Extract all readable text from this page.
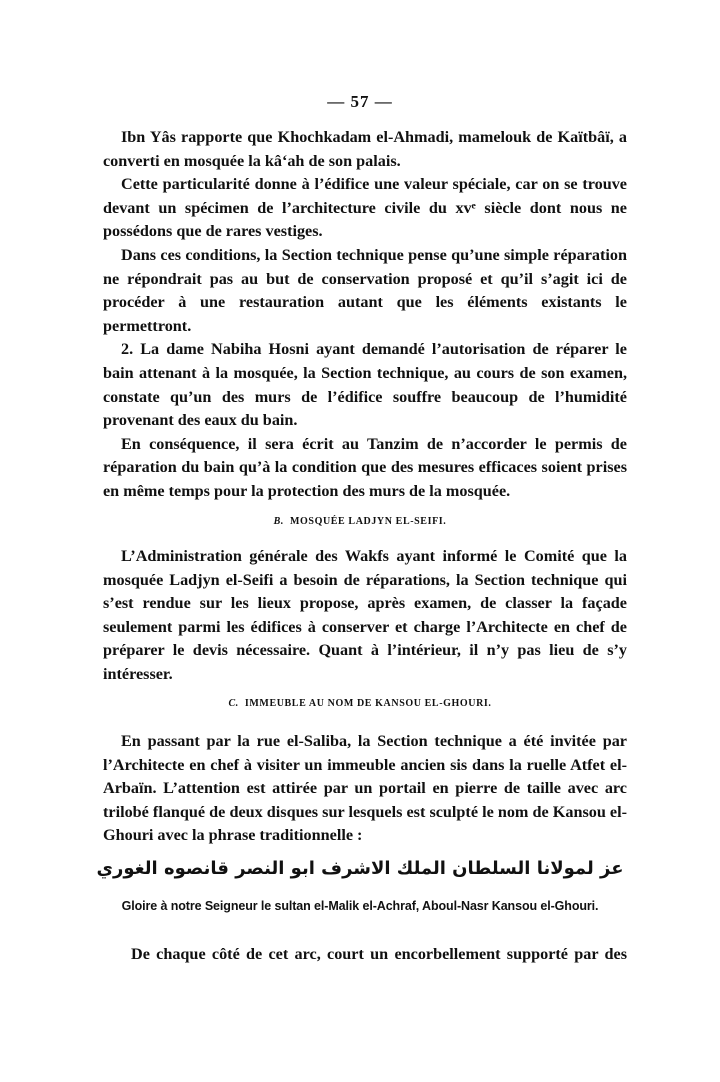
— 57 —

Ibn Yâs rapporte que Khochkadam el-Ahmadi, mamelouk de Kaïtbâï, a converti en mosquée la kâ‘ah de son palais.

Cette particularité donne à l’édifice une valeur spéciale, car on se trouve devant un spécimen de l’architecture civile du xvᵉ siècle dont nous ne possédons que de rares vestiges.

Dans ces conditions, la Section technique pense qu’une simple réparation ne répondrait pas au but de conservation proposé et qu’il s’agit ici de procéder à une restauration autant que les éléments existants le permettront.

2. La dame Nabiha Hosni ayant demandé l’autorisation de réparer le bain attenant à la mosquée, la Section technique, au cours de son examen, constate qu’un des murs de l’édifice souffre beaucoup de l’humidité provenant des eaux du bain.

En conséquence, il sera écrit au Tanzim de n’accorder le permis de réparation du bain qu’à la condition que des mesures efficaces soient prises en même temps pour la protection des murs de la mosquée.

B. MOSQUÉE LADJYN EL-SEIFI.

L’Administration générale des Wakfs ayant informé le Comité que la mosquée Ladjyn el-Seifi a besoin de réparations, la Section technique qui s’est rendue sur les lieux propose, après examen, de classer la façade seulement parmi les édifices à conserver et charge l’Architecte en chef de préparer le devis nécessaire. Quant à l’intérieur, il n’y pas lieu de s’y intéresser.

C. IMMEUBLE AU NOM DE KANSOU EL-GHOURI.

En passant par la rue el-Saliba, la Section technique a été invitée par l’Architecte en chef à visiter un immeuble ancien sis dans la ruelle Atfet el-Arbaïn. L’attention est attirée par un portail en pierre de taille avec arc trilobé flanqué de deux disques sur lesquels est sculpté le nom de Kansou el-Ghouri avec la phrase traditionnelle :

عز لمولانا السلطان الملك الاشرف ابو النصر قانصوه الغوري
Gloire à notre Seigneur le sultan el-Malik el-Achraf, Aboul-Nasr Kansou el-Ghouri.

De chaque côté de cet arc, court un encorbellement supporté par des
